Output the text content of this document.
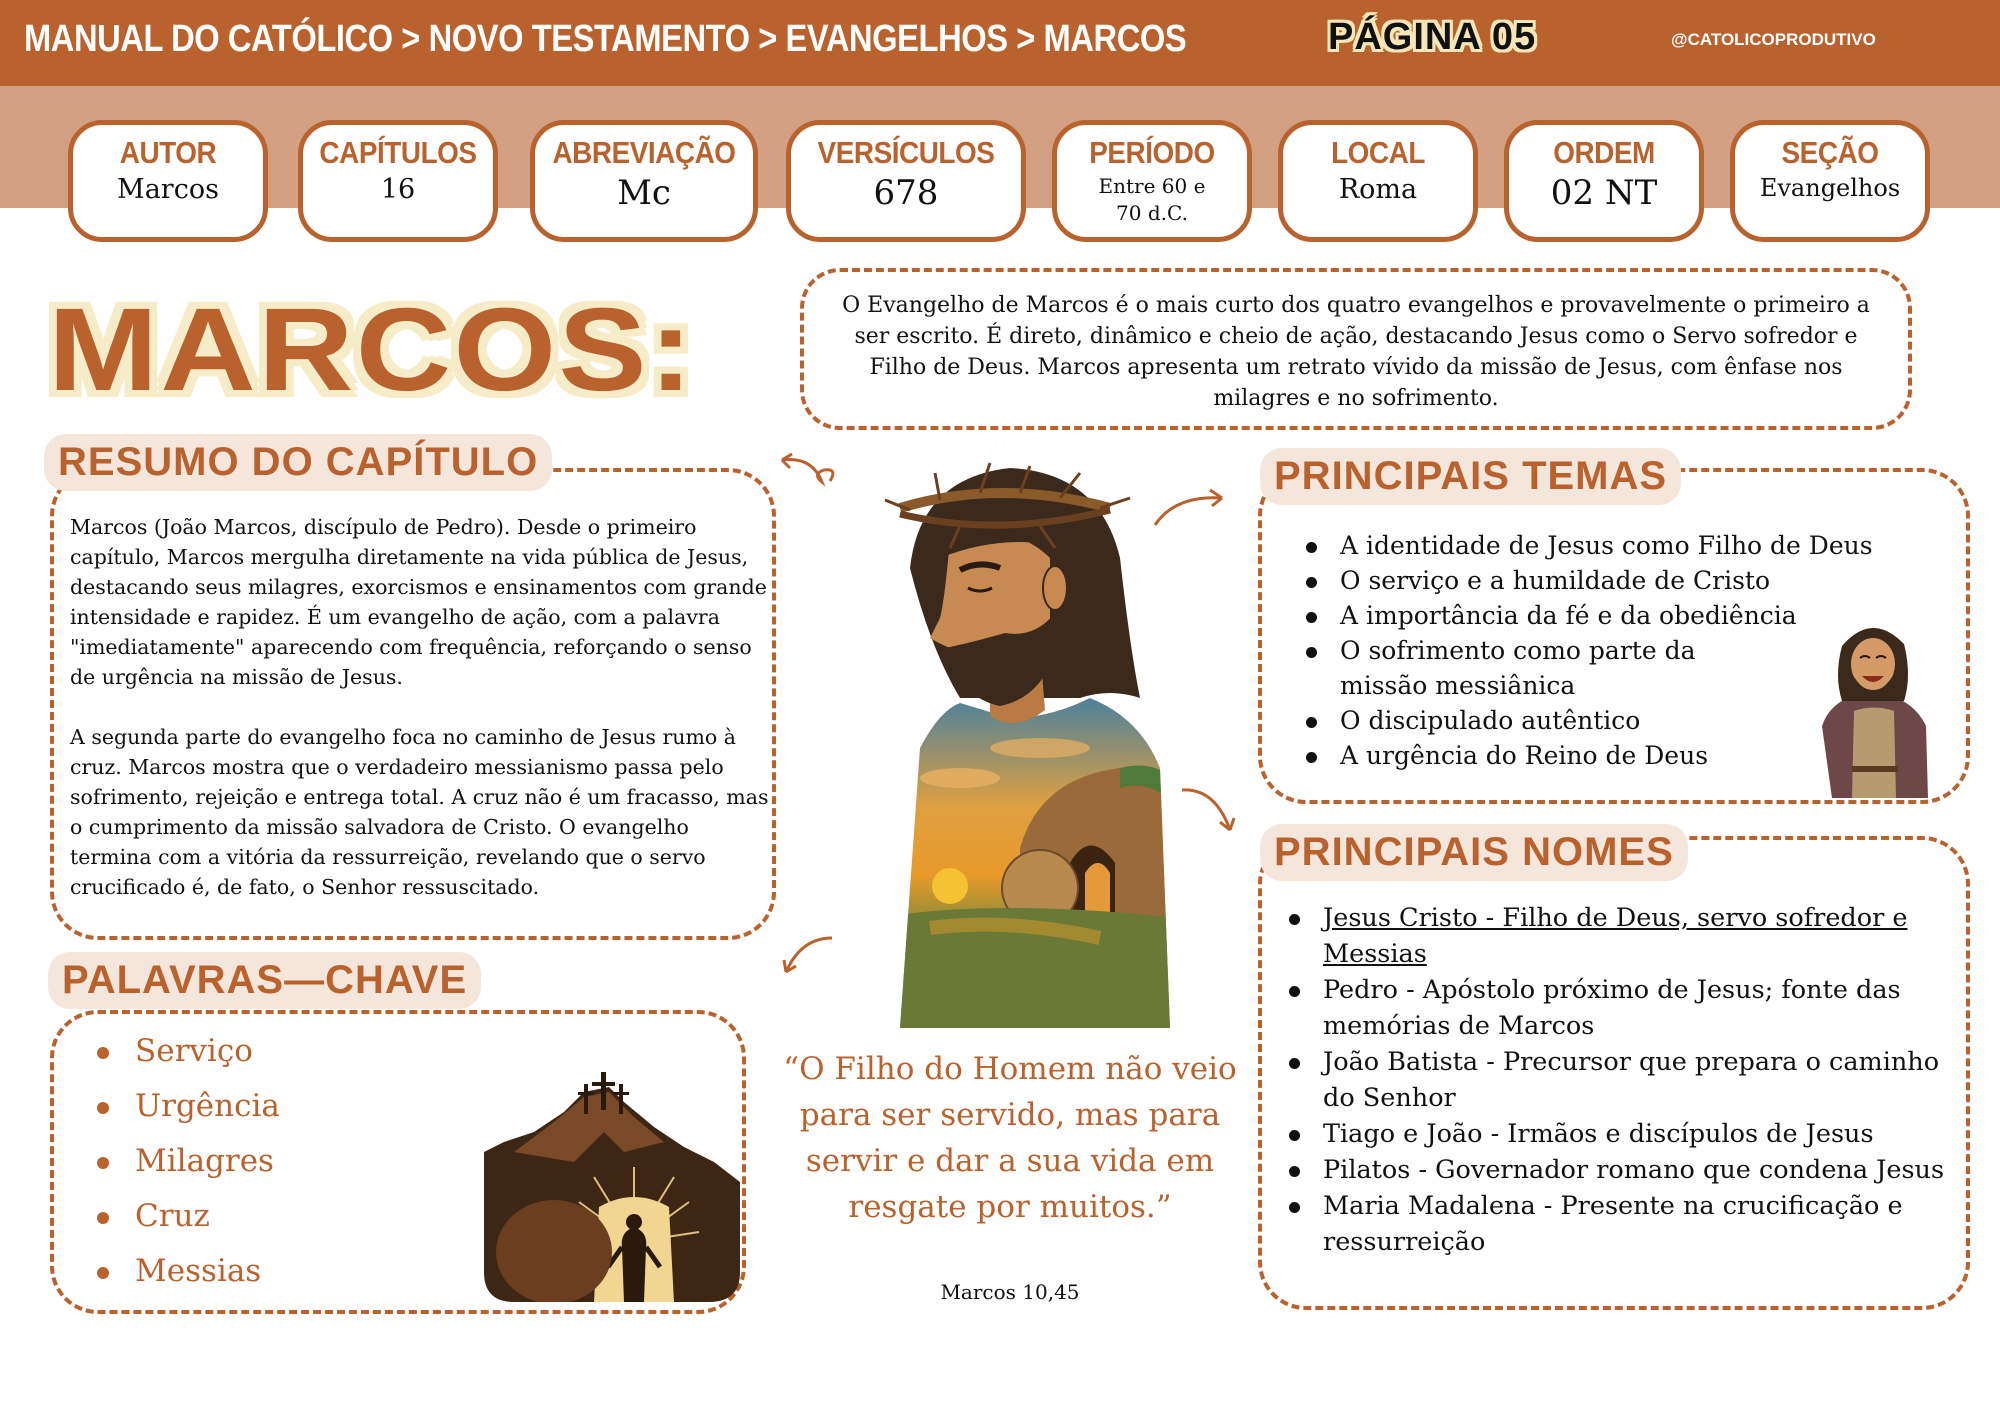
MANUAL DO CATÓLICO > NOVO TESTAMENTO > EVANGELHOS > MARCOS	PÁGINA 05	@CATOLICOPRODUTIVO
AUTOR
Marcos
CAPÍTULOS
16
ABREVIAÇÃO
Mc
VERSÍCULOS
678
PERÍODO
Entre 60 e 70 d.C.
LOCAL
Roma
ORDEM
02 NT
SEÇÃO
Evangelhos
MARCOS:	O Evangelho de Marcos é o mais curto dos quatro evangelhos e provavelmente o primeiro a ser escrito. É direto, dinâmico e cheio de ação, destacando Jesus como o Servo sofredor e Filho de Deus. Marcos apresenta um retrato vívido da missão de Jesus, com ênfase nos milagres e no sofrimento.
RESUMO DO CAPÍTULO

Marcos (João Marcos, discípulo de Pedro). Desde o primeiro capítulo, Marcos mergulha diretamente na vida pública de Jesus, destacando seus milagres, exorcismos e ensinamentos com grande intensidade e rapidez. É um evangelho de ação, com a palavra "imediatamente" aparecendo com frequência, reforçando o senso de urgência na missão de Jesus.

A segunda parte do evangelho foca no caminho de Jesus rumo à cruz. Marcos mostra que o verdadeiro messianismo passa pelo sofrimento, rejeição e entrega total. A cruz não é um fracasso, mas o cumprimento da missão salvadora de Cristo. O evangelho termina com a vitória da ressurreição, revelando que o servo crucificado é, de fato, o Senhor ressuscitado.

PRINCIPAIS TEMAS
A identidade de Jesus como Filho de Deus
O serviço e a humildade de Cristo
A importância da fé e da obediência
O sofrimento como parte da missão messiânica
O discipulado autêntico
A urgência do Reino de Deus
PRINCIPAIS NOMES
Jesus Cristo - Filho de Deus, servo sofredor e Messias
Pedro - Apóstolo próximo de Jesus; fonte das memórias de Marcos
João Batista - Precursor que prepara o caminho do Senhor
Tiago e João - Irmãos e discípulos de Jesus
Pilatos - Governador romano que condena Jesus
Maria Madalena - Presente na crucificação e ressurreição
PALAVRAS—CHAVE
Serviço
Urgência
Milagres
Cruz
Messias
“O Filho do Homem não veio para ser servido, mas para servir e dar a sua vida em resgate por muitos.”
Marcos 10,45
